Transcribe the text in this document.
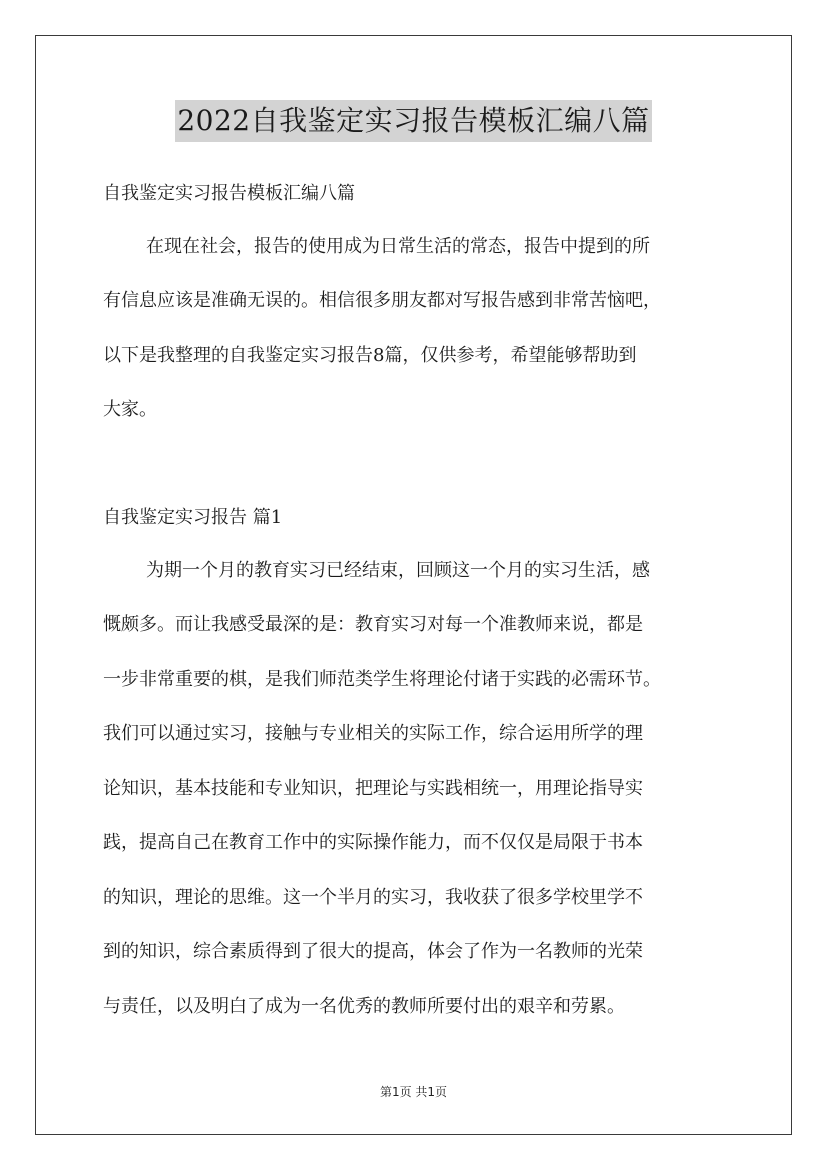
2022自我鉴定实习报告模板汇编八篇
自我鉴定实习报告模板汇编八篇
在现在社会，报告的使用成为日常生活的常态，报告中提到的所
有信息应该是准确无误的。相信很多朋友都对写报告感到非常苦恼吧，
以下是我整理的自我鉴定实习报告8篇，仅供参考，希望能够帮助到
大家。
自我鉴定实习报告 篇1
为期一个月的教育实习已经结束，回顾这一个月的实习生活，感
慨颇多。而让我感受最深的是：教育实习对每一个准教师来说，都是
一步非常重要的棋，是我们师范类学生将理论付诸于实践的必需环节。
我们可以通过实习，接触与专业相关的实际工作，综合运用所学的理
论知识，基本技能和专业知识，把理论与实践相统一，用理论指导实
践，提高自己在教育工作中的实际操作能力，而不仅仅是局限于书本
的知识，理论的思维。这一个半月的实习，我收获了很多学校里学不
到的知识，综合素质得到了很大的提高，体会了作为一名教师的光荣
与责任，以及明白了成为一名优秀的教师所要付出的艰辛和劳累。
第1页 共1页
